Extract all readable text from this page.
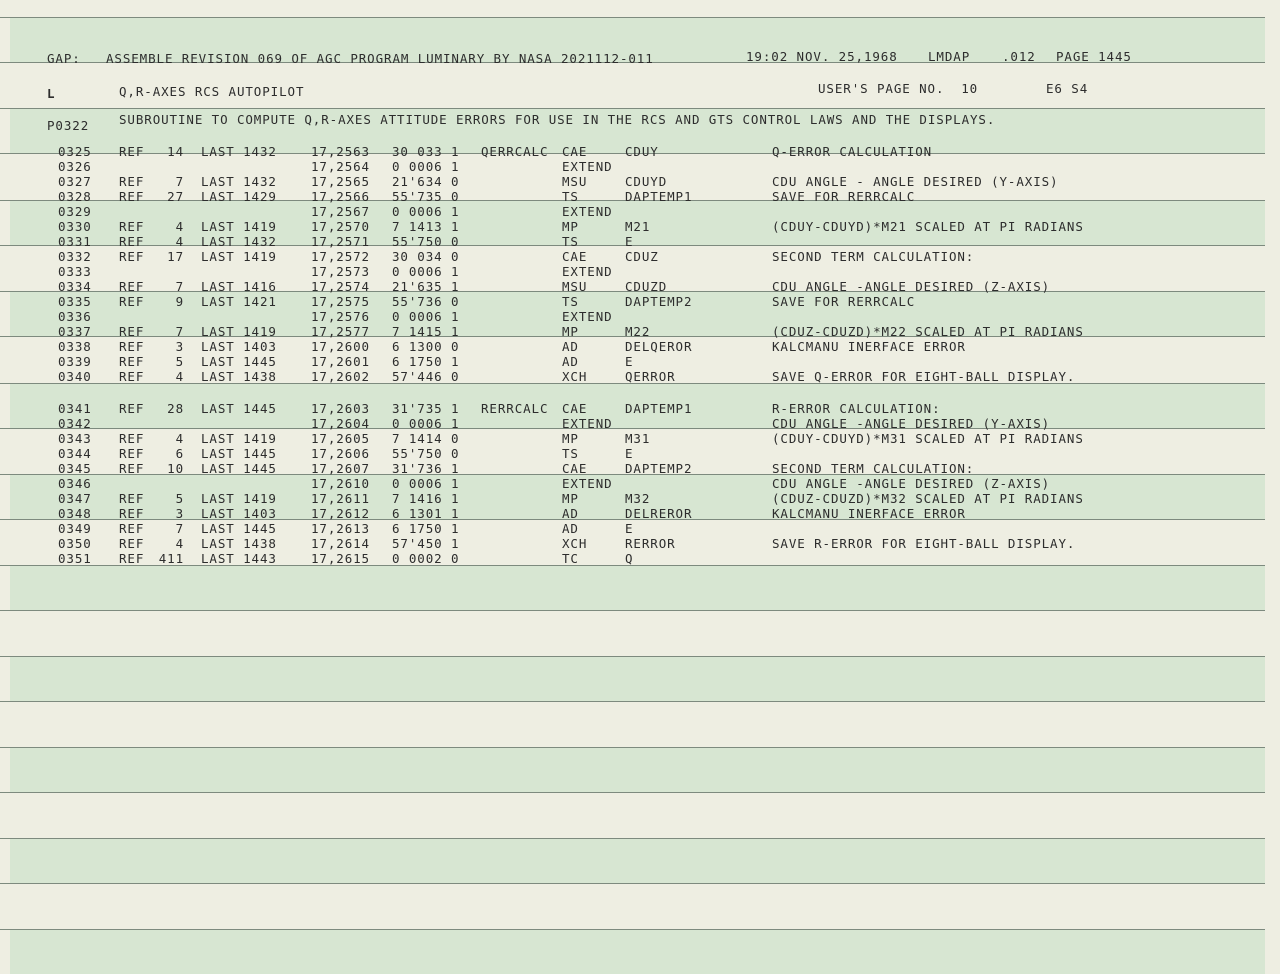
GAP:   ASSEMBLE REVISION 069 OF AGC PROGRAM LUMINARY BY NASA 2021112-011	19:02 NOV. 25,1968 LMDAP	.012 PAGE 1445
L	Q,R-AXES RCS AUTOPILOT	USER'S PAGE NO.  10	E6 S4
P0322 SUBROUTINE TO COMPUTE Q,R-AXES ATTITUDE ERRORS FOR USE IN THE RCS AND GTS CONTROL LAWS AND THE DISPLAYS.
0325 REF	14 LAST 1432	17,2563 30 033 1 QERRCALC CAE	CDUY	Q-ERROR CALCULATION
0326	17,2564 0 0006 1	EXTEND
0327 REF	7 LAST 1432	17,2565 21'634 0	MSU	CDUYD	CDU ANGLE - ANGLE DESIRED (Y-AXIS)
0328 REF	27 LAST 1429	17,2566 55'735 0	TS	DAPTEMP1	SAVE FOR RERRCALC
0329	17,2567 0 0006 1	EXTEND
0330 REF	4 LAST 1419	17,2570 7 1413 1	MP	M21	(CDUY-CDUYD)*M21 SCALED AT PI RADIANS
0331 REF	4 LAST 1432	17,2571 55'750 0	TS	E
0332 REF	17 LAST 1419	17,2572 30 034 0	CAE	CDUZ	SECOND TERM CALCULATION:
0333	17,2573 0 0006 1	EXTEND
0334 REF	7 LAST 1416	17,2574 21'635 1	MSU	CDUZD	CDU ANGLE -ANGLE DESIRED (Z-AXIS)
0335 REF	9 LAST 1421	17,2575 55'736 0	TS	DAPTEMP2	SAVE FOR RERRCALC
0336	17,2576 0 0006 1	EXTEND
0337 REF	7 LAST 1419	17,2577 7 1415 1	MP	M22	(CDUZ-CDUZD)*M22 SCALED AT PI RADIANS
0338 REF	3 LAST 1403	17,2600 6 1300 0	AD	DELQEROR	KALCMANU INERFACE ERROR
0339 REF	5 LAST 1445	17,2601 6 1750 1	AD	E
0340 REF	4 LAST 1438	17,2602 57'446 0	XCH	QERROR	SAVE Q-ERROR FOR EIGHT-BALL DISPLAY.
0341 REF	28 LAST 1445	17,2603 31'735 1 RERRCALC CAE	DAPTEMP1	R-ERROR CALCULATION:
0342	17,2604 0 0006 1	EXTEND	CDU ANGLE -ANGLE DESIRED (Y-AXIS)
0343 REF	4 LAST 1419	17,2605 7 1414 0	MP	M31	(CDUY-CDUYD)*M31 SCALED AT PI RADIANS
0344 REF	6 LAST 1445	17,2606 55'750 0	TS	E
0345 REF	10 LAST 1445	17,2607 31'736 1	CAE	DAPTEMP2	SECOND TERM CALCULATION:
0346	17,2610 0 0006 1	EXTEND	CDU ANGLE -ANGLE DESIRED (Z-AXIS)
0347 REF	5 LAST 1419	17,2611 7 1416 1	MP	M32	(CDUZ-CDUZD)*M32 SCALED AT PI RADIANS
0348 REF	3 LAST 1403	17,2612 6 1301 1	AD	DELREROR	KALCMANU INERFACE ERROR
0349 REF	7 LAST 1445	17,2613 6 1750 1	AD	E
0350 REF	4 LAST 1438	17,2614 57'450 1	XCH	RERROR	SAVE R-ERROR FOR EIGHT-BALL DISPLAY.
0351 REF	411 LAST 1443	17,2615 0 0002 0	TC	Q
